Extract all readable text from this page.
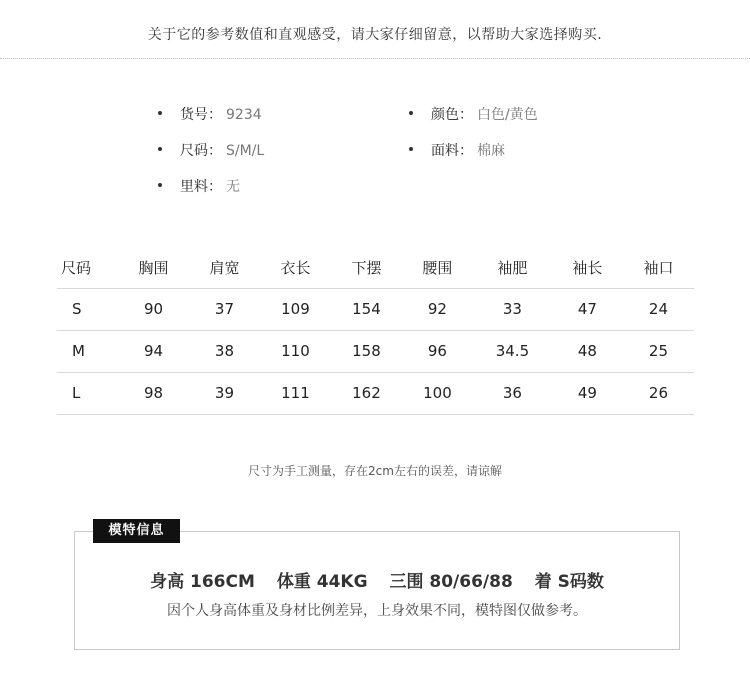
关于它的参考数值和直观感受，请大家仔细留意，以帮助大家选择购买.
货号： 9234
尺码： S/M/L
里料： 无
颜色： 白色/黄色
面料： 棉麻
尺码	胸围	肩宽	衣长	下摆	腰围	袖肥	袖长	袖口
S	90	37	109	154	92	33	47	24
M	94	38	110	158	96	34.5	48	25
L	98	39	111	162	100	36	49	26
尺寸为手工测量，存在2cm左右的误差，请谅解
模特信息
身高 166CM 体重 44KG 三围 80/66/88 着 S码数
因个人身高体重及身材比例差异，上身效果不同，模特图仅做参考。
